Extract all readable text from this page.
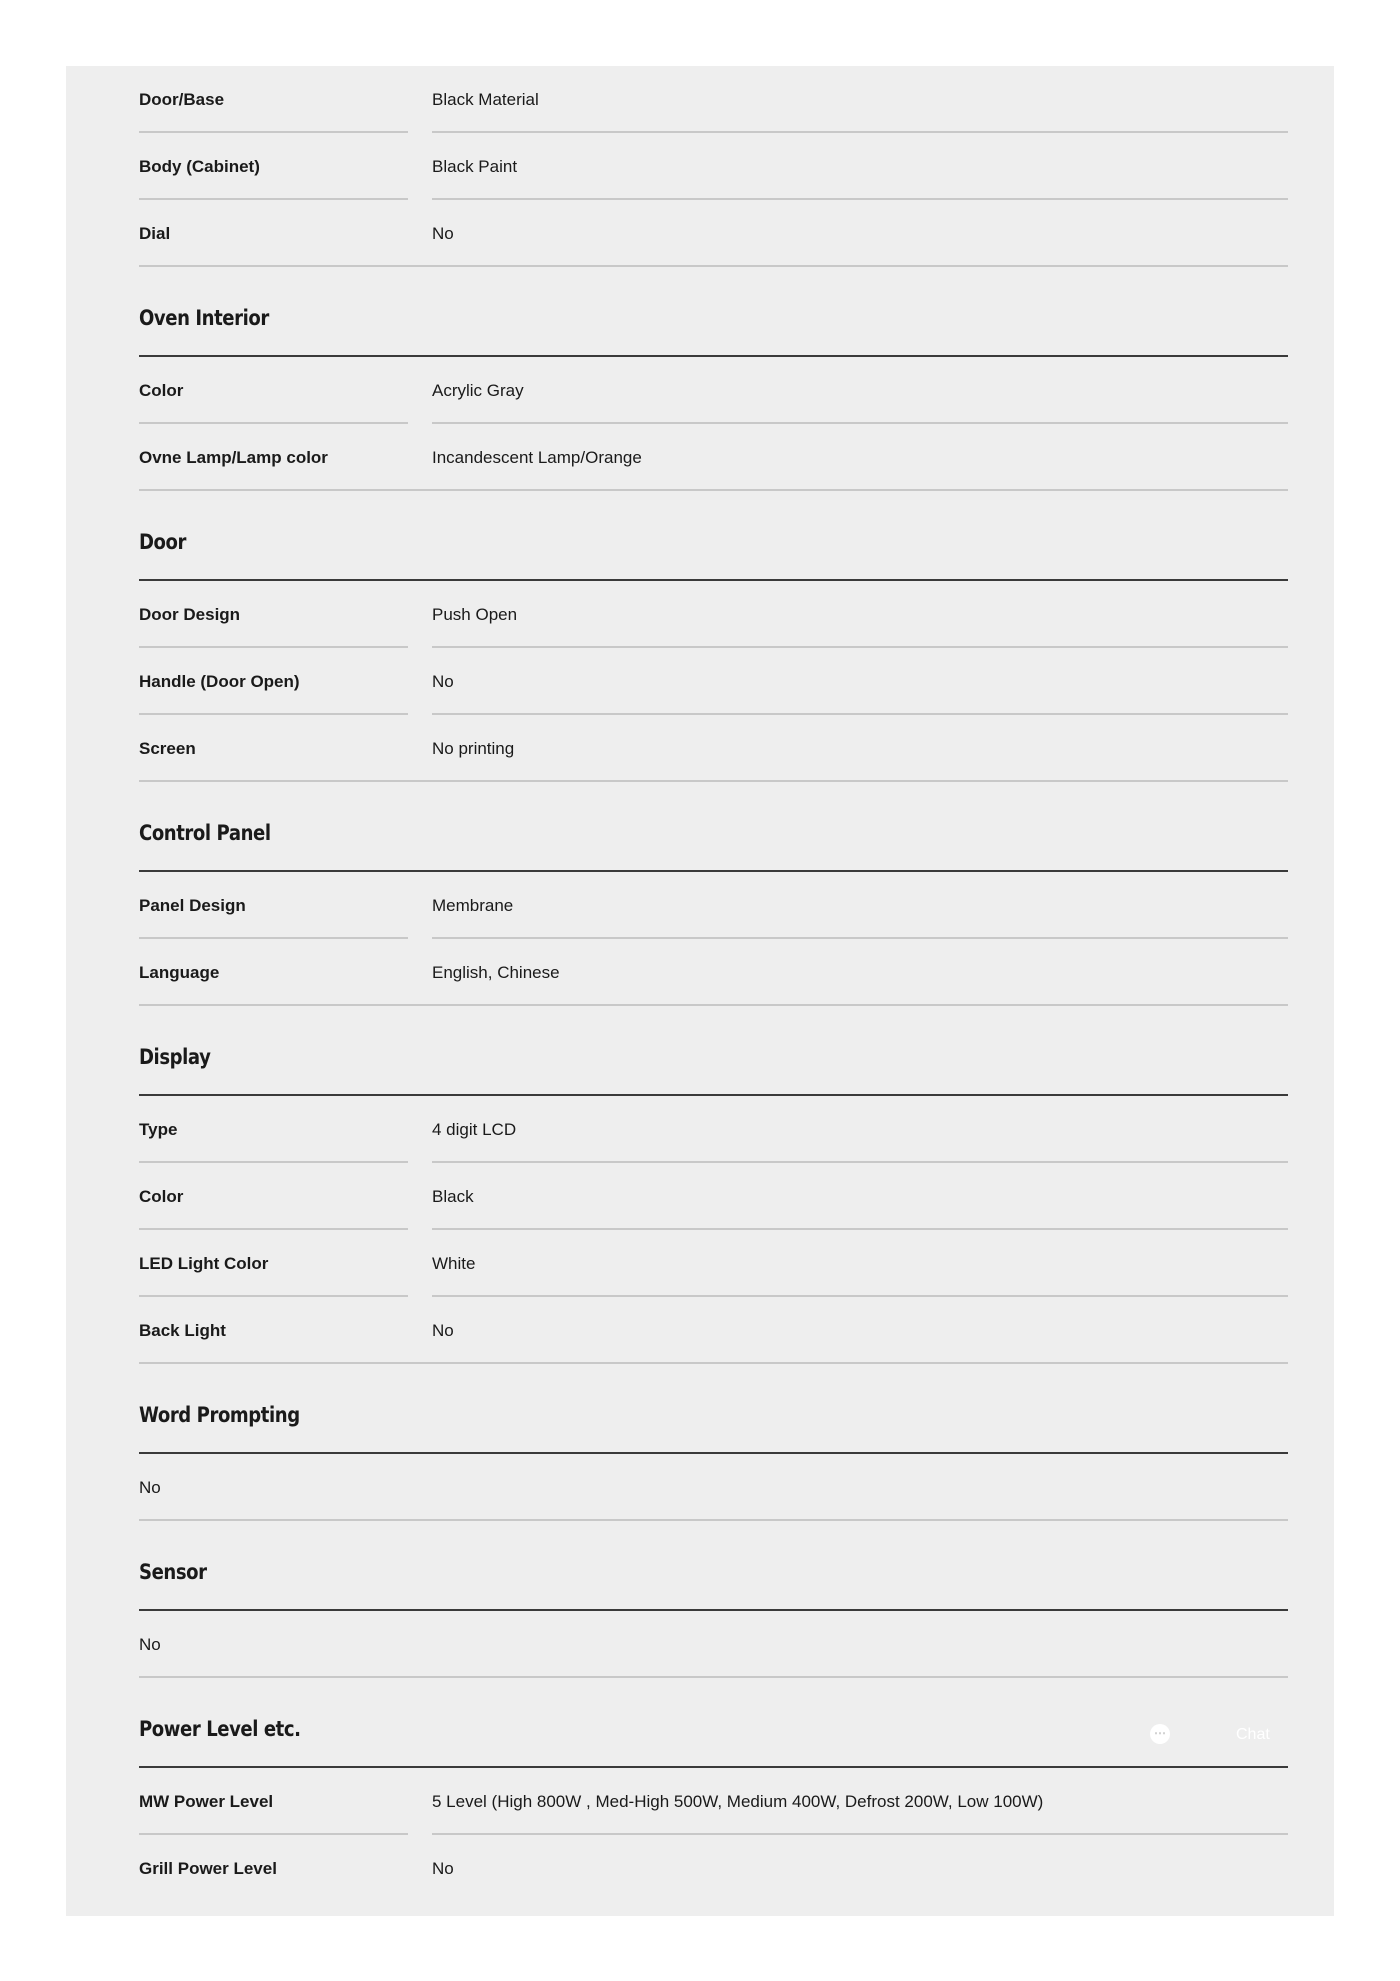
Door/Base	Black Material
Body (Cabinet)	Black Paint
Dial	No
Oven Interior
Color	Acrylic Gray
Ovne Lamp/Lamp color	Incandescent Lamp/Orange
Door
Door Design	Push Open
Handle (Door Open)	No
Screen	No printing
Control Panel
Panel Design	Membrane
Language	English, Chinese
Display
Type	4 digit LCD
Color	Black
LED Light Color	White
Back Light	No
Word Prompting
No
Sensor
No
Power Level etc.
MW Power Level	5 Level (High 800W , Med-High 500W, Medium 400W, Defrost 200W, Low 100W)
Grill Power Level	No
⋯	Chat
